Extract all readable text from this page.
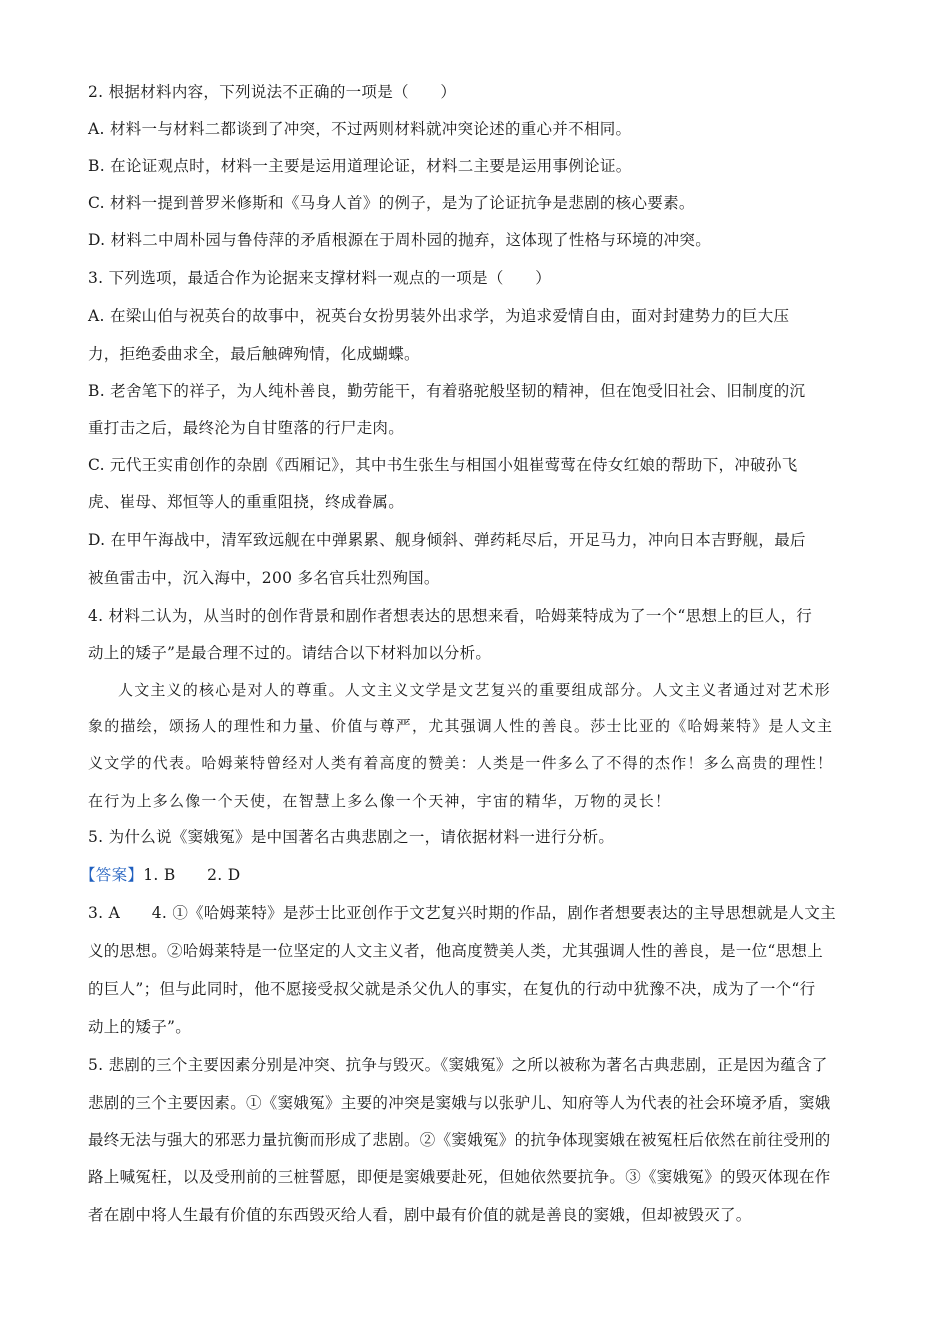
2. 根据材料内容，下列说法不正确的一项是（　　）
A. 材料一与材料二都谈到了冲突，不过两则材料就冲突论述的重心并不相同。
B. 在论证观点时，材料一主要是运用道理论证，材料二主要是运用事例论证。
C. 材料一提到普罗米修斯和《马身人首》的例子，是为了论证抗争是悲剧的核心要素。
D. 材料二中周朴园与鲁侍萍的矛盾根源在于周朴园的抛弃，这体现了性格与环境的冲突。
3. 下列选项，最适合作为论据来支撑材料一观点的一项是（　　）
A. 在梁山伯与祝英台的故事中，祝英台女扮男装外出求学，为追求爱情自由，面对封建势力的巨大压
力，拒绝委曲求全，最后触碑殉情，化成蝴蝶。
B. 老舍笔下的祥子，为人纯朴善良，勤劳能干，有着骆驼般坚韧的精神，但在饱受旧社会、旧制度的沉
重打击之后，最终沦为自甘堕落的行尸走肉。
C. 元代王实甫创作的杂剧《西厢记》，其中书生张生与相国小姐崔莺莺在侍女红娘的帮助下，冲破孙飞
虎、崔母、郑恒等人的重重阻挠，终成眷属。
D. 在甲午海战中，清军致远舰在中弹累累、舰身倾斜、弹药耗尽后，开足马力，冲向日本吉野舰，最后
被鱼雷击中，沉入海中，200 多名官兵壮烈殉国。
4. 材料二认为，从当时的创作背景和剧作者想表达的思想来看，哈姆莱特成为了一个“思想上的巨人，行
动上的矮子”是最合理不过的。请结合以下材料加以分析。
人文主义的核心是对人的尊重。人文主义文学是文艺复兴的重要组成部分。人文主义者通过对艺术形
象的描绘，颂扬人的理性和力量、价值与尊严，尤其强调人性的善良。莎士比亚的《哈姆莱特》是人文主
义文学的代表。哈姆莱特曾经对人类有着高度的赞美：人类是一件多么了不得的杰作！多么高贵的理性！
在行为上多么像一个天使，在智慧上多么像一个天神，宇宙的精华，万物的灵长！
5. 为什么说《窦娥冤》是中国著名古典悲剧之一，请依据材料一进行分析。
【答案】1. B　　2. D
3. A　　4. ①《哈姆莱特》是莎士比亚创作于文艺复兴时期的作品，剧作者想要表达的主导思想就是人文主
义的思想。②哈姆莱特是一位坚定的人文主义者，他高度赞美人类，尤其强调人性的善良，是一位“思想上
的巨人”；但与此同时，他不愿接受叔父就是杀父仇人的事实，在复仇的行动中犹豫不决，成为了一个“行
动上的矮子”。
5. 悲剧的三个主要因素分别是冲突、抗争与毁灭。《窦娥冤》之所以被称为著名古典悲剧，正是因为蕴含了
悲剧的三个主要因素。①《窦娥冤》主要的冲突是窦娥与以张驴儿、知府等人为代表的社会环境矛盾，窦娥
最终无法与强大的邪恶力量抗衡而形成了悲剧。②《窦娥冤》的抗争体现窦娥在被冤枉后依然在前往受刑的
路上喊冤枉，以及受刑前的三桩誓愿，即便是窦娥要赴死，但她依然要抗争。③《窦娥冤》的毁灭体现在作
者在剧中将人生最有价值的东西毁灭给人看，剧中最有价值的就是善良的窦娥，但却被毁灭了。
